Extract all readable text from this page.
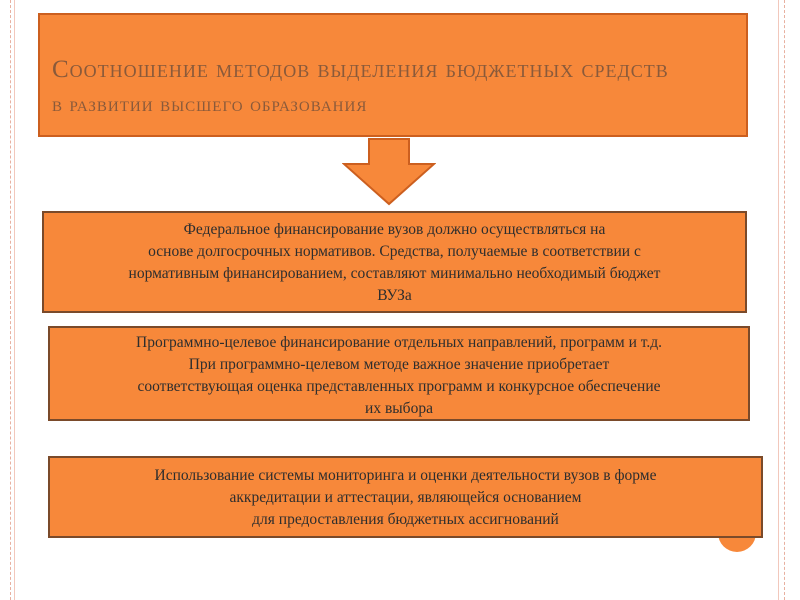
Соотношение методов выделения бюджетных средств
в развитии высшего образования
Федеральное финансирование вузов должно осуществляться на
основе долгосрочных нормативов. Средства, получаемые в соответствии с
нормативным финансированием, составляют минимально необходимый бюджет
ВУЗа
Программно-целевое финансирование отдельных направлений, программ и т.д.
При программно-целевом методе важное значение приобретает
соответствующая оценка представленных программ и конкурсное обеспечение
их выбора
Использование системы мониторинга и оценки деятельности вузов в форме
аккредитации и аттестации, являющейся основанием
для предоставления бюджетных ассигнований
